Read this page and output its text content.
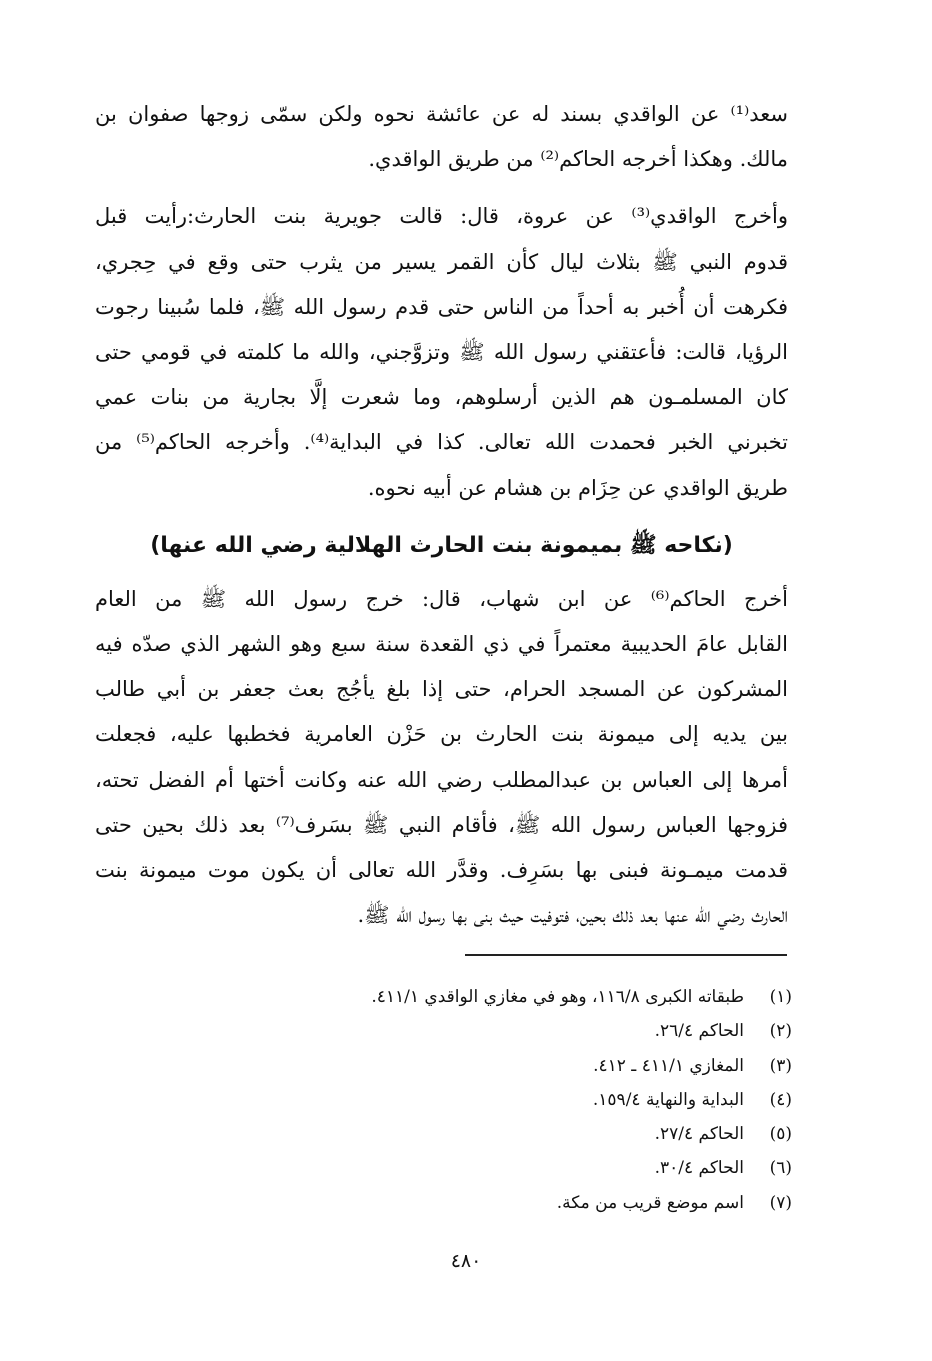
سعد⁽¹⁾ عن الواقدي بسند له عن عائشة نحوه ولكن سمّى زوجها صفوان بن
مالك. وهكذا أخرجه الحاكم⁽²⁾ من طريق الواقدي.
وأخرج الواقدي⁽³⁾ عن عروة، قال: قالت جويرية بنت الحارث:رأيت قبل
قدوم النبي ﷺ بثلاث ليال كأن القمر يسير من يثرب حتى وقع في حِجري،
فكرهت أن أُخبر به أحداً من الناس حتى قدم رسول الله ﷺ، فلما سُبينا رجوت
الرؤيا، قالت: فأعتقني رسول الله ﷺ وتزوَّجني، والله ما كلمته في قومي حتى
كان المسلمـون هم الذين أرسلوهم، وما شعرت إلَّا بجارية من بنات عمي
تخبرني الخبر فحمدت الله تعالى. كذا في البداية⁽⁴⁾. وأخرجه الحاكم⁽⁵⁾ من
طريق الواقدي عن حِزَام بن هشام عن أبيه نحوه.
(نكاحه ﷺ بميمونة بنت الحارث الهلالية رضي الله عنها)
أخرج الحاكم⁽⁶⁾ عن ابن شهاب، قال: خرج رسول الله ﷺ من العام
القابل عامَ الحديبية معتمراً في ذي القعدة سنة سبع وهو الشهر الذي صدّه فيه
المشركون عن المسجد الحرام، حتى إذا بلغ يأجُج بعث جعفر بن أبي طالب
بين يديه إلى ميمونة بنت الحارث بن حَزْن العامرية فخطبها عليه، فجعلت
أمرها إلى العباس بن عبدالمطلب رضي الله عنه وكانت أختها أم الفضل تحته،
فزوجها العباس رسول الله ﷺ، فأقام النبي ﷺ بسَرف⁽⁷⁾ بعد ذلك بحين حتى
قدمت ميمـونة فبنى بها بسَرِف. وقدَّر الله تعالى أن يكون موت ميمونة بنت
الحارث رضي الله عنها بعد ذلك بحين، فتوفيت حيث بنى بها رسول الله ﷺ.
(١)طبقاته الكبرى ١١٦/٨، وهو في مغازي الواقدي ٤١١/١.
(٢)الحاكم ٢٦/٤.
(٣)المغازي ٤١١/١ ـ ٤١٢.
(٤)البداية والنهاية ١٥٩/٤.
(٥)الحاكم ٢٧/٤.
(٦)الحاكم ٣٠/٤.
(٧)اسم موضع قريب من مكة.
٤٨٠
